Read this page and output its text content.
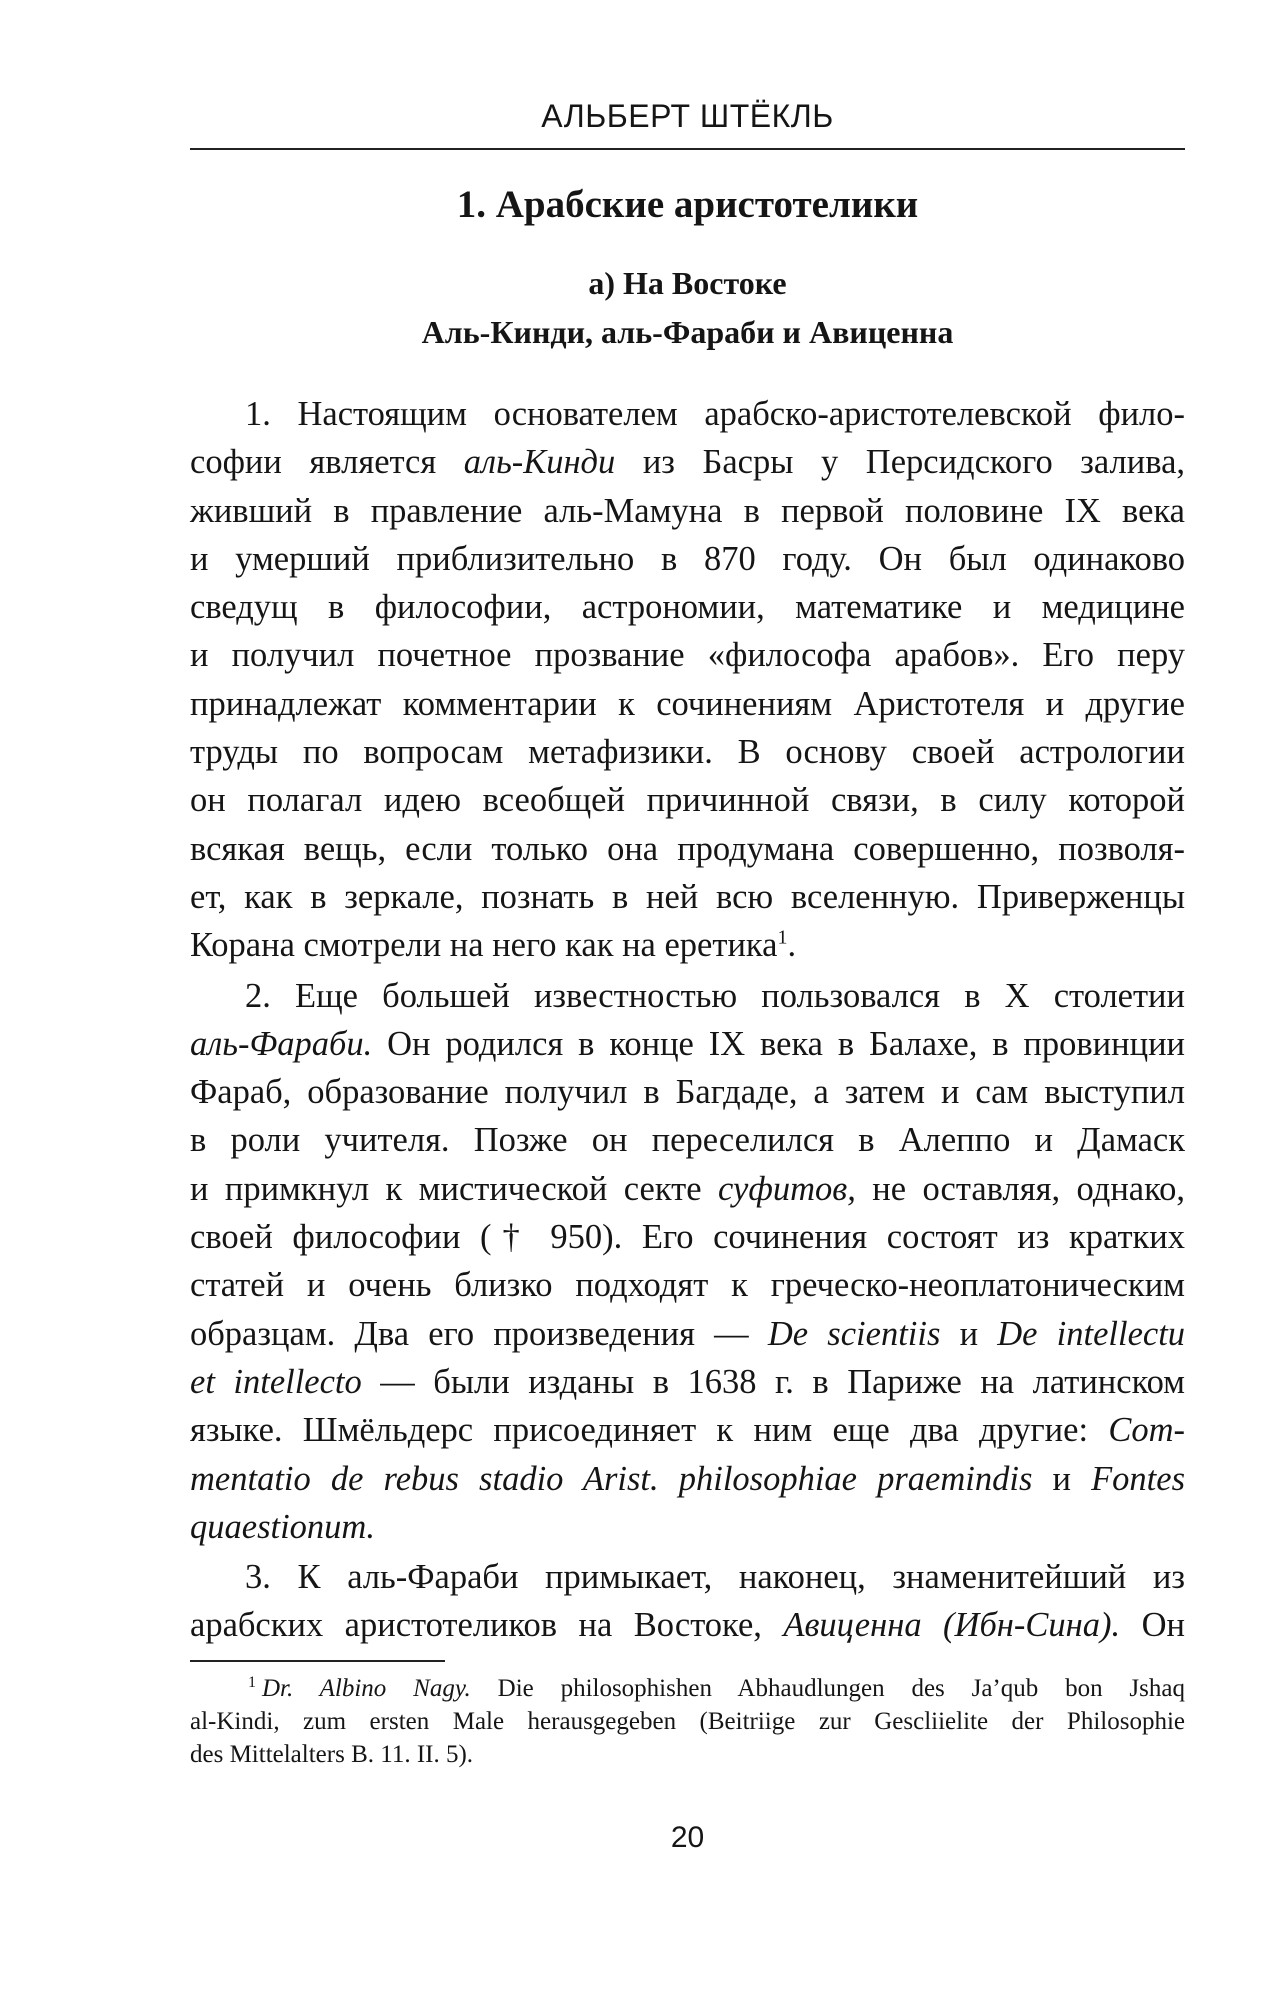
АЛЬБЕРТ ШТЁКЛЬ
1. Арабские аристотелики
а) На Востоке
Аль-Кинди, аль-Фараби и Авиценна
1. Настоящим основателем арабско-аристотелевской фило-
софии является аль-Кинди из Басры у Персидского залива,
живший в правление аль-Мамуна в первой половине IX века
и умерший приблизительно в 870 году. Он был одинаково
сведущ в философии, астрономии, математике и медицине
и получил почетное прозвание «философа арабов». Его перу
принадлежат комментарии к сочинениям Аристотеля и другие
труды по вопросам метафизики. В основу своей астрологии
он полагал идею всеобщей причинной связи, в силу которой
всякая вещь, если только она продумана совершенно, позволя-
ет, как в зеркале, познать в ней всю вселенную. Приверженцы
Корана смотрели на него как на еретика$^1$.
2. Еще большей известностью пользовался в X столетии
аль-Фараби. Он родился в конце IX века в Балахе, в провинции
Фараб, образование получил в Багдаде, а затем и сам выступил
в роли учителя. Позже он переселился в Алеппо и Дамаск
и примкнул к мистической секте суфитов, не оставляя, однако,
своей философии († 950). Его сочинения состоят из кратких
статей и очень близко подходят к греческо-неоплатоническим
образцам. Два его произведения — De scientiis и De intellectu
et intellecto — были изданы в 1638 г. в Париже на латинском
языке. Шмёльдерс присоединяет к ним еще два другие: Com-
mentatio de rebus stadio Arist. philosophiae praemindis и Fontes
quaestionum.
3. К аль-Фараби примыкает, наконец, знаменитейший из
арабских аристотеликов на Востоке, Авиценна (Ибн-Сина). Он
$^1$ Dr. Albino Nagy. Die philosophishen Abhaudlungen des Ja’qub bon Jshaq
al-Kindi, zum ersten Male herausgegeben (Beitriige zur Gescliielite der Philosophie
des Mittelalters B. 11. II. 5).
20
